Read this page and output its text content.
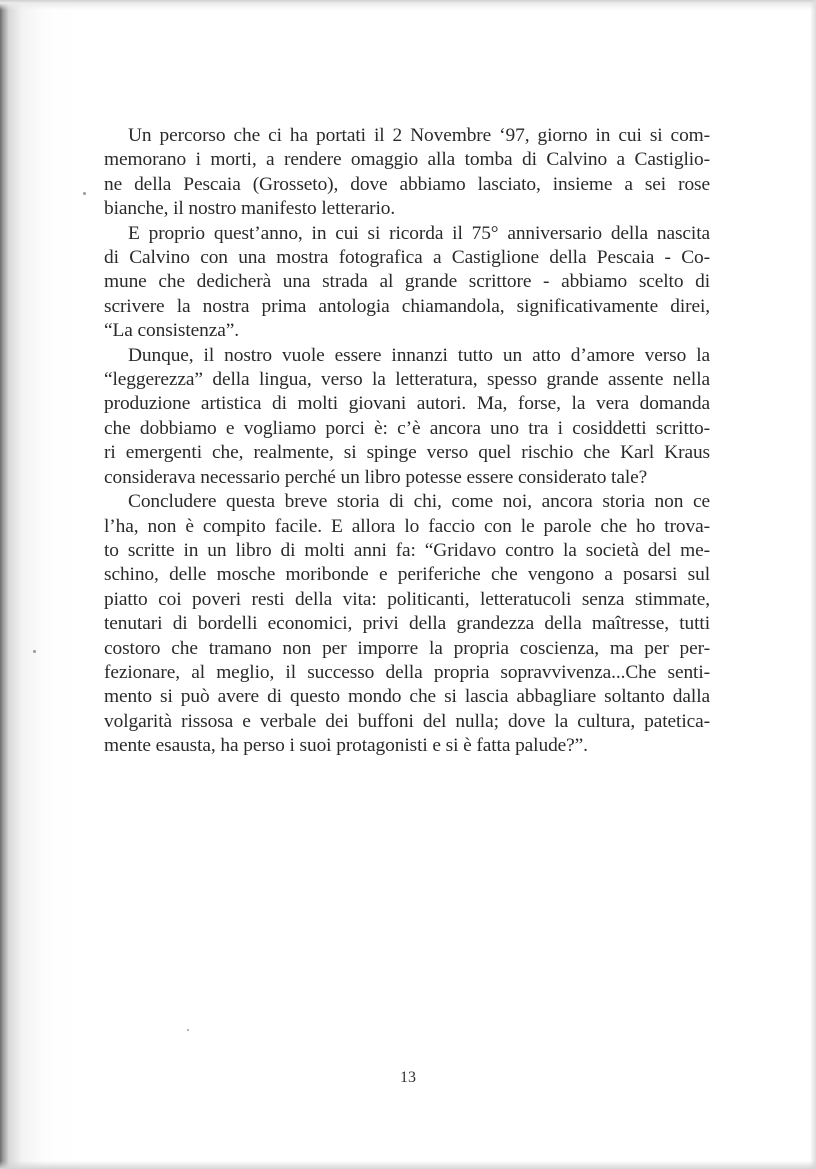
Un percorso che ci ha portati il 2 Novembre ‘97, giorno in cui si com-
memorano i morti, a rendere omaggio alla tomba di Calvino a Castiglio-
ne della Pescaia (Grosseto), dove abbiamo lasciato, insieme a sei rose
bianche, il nostro manifesto letterario.

E proprio quest’anno, in cui si ricorda il 75° anniversario della nascita
di Calvino con una mostra fotografica a Castiglione della Pescaia - Co-
mune che dedicherà una strada al grande scrittore - abbiamo scelto di
scrivere la nostra prima antologia chiamandola, significativamente direi,
“La consistenza”.

Dunque, il nostro vuole essere innanzi tutto un atto d’amore verso la
“leggerezza” della lingua, verso la letteratura, spesso grande assente nella
produzione artistica di molti giovani autori. Ma, forse, la vera domanda
che dobbiamo e vogliamo porci è: c’è ancora uno tra i cosiddetti scritto-
ri emergenti che, realmente, si spinge verso quel rischio che Karl Kraus
considerava necessario perché un libro potesse essere considerato tale?

Concludere questa breve storia di chi, come noi, ancora storia non ce
l’ha, non è compito facile. E allora lo faccio con le parole che ho trova-
to scritte in un libro di molti anni fa: “Gridavo contro la società del me-
schino, delle mosche moribonde e periferiche che vengono a posarsi sul
piatto coi poveri resti della vita: politicanti, letteratucoli senza stimmate,
tenutari di bordelli economici, privi della grandezza della maîtresse, tutti
costoro che tramano non per imporre la propria coscienza, ma per per-
fezionare, al meglio, il successo della propria sopravvivenza...Che senti-
mento si può avere di questo mondo che si lascia abbagliare soltanto dalla
volgarità rissosa e verbale dei buffoni del nulla; dove la cultura, patetica-
mente esausta, ha perso i suoi protagonisti e si è fatta palude?”.

13
